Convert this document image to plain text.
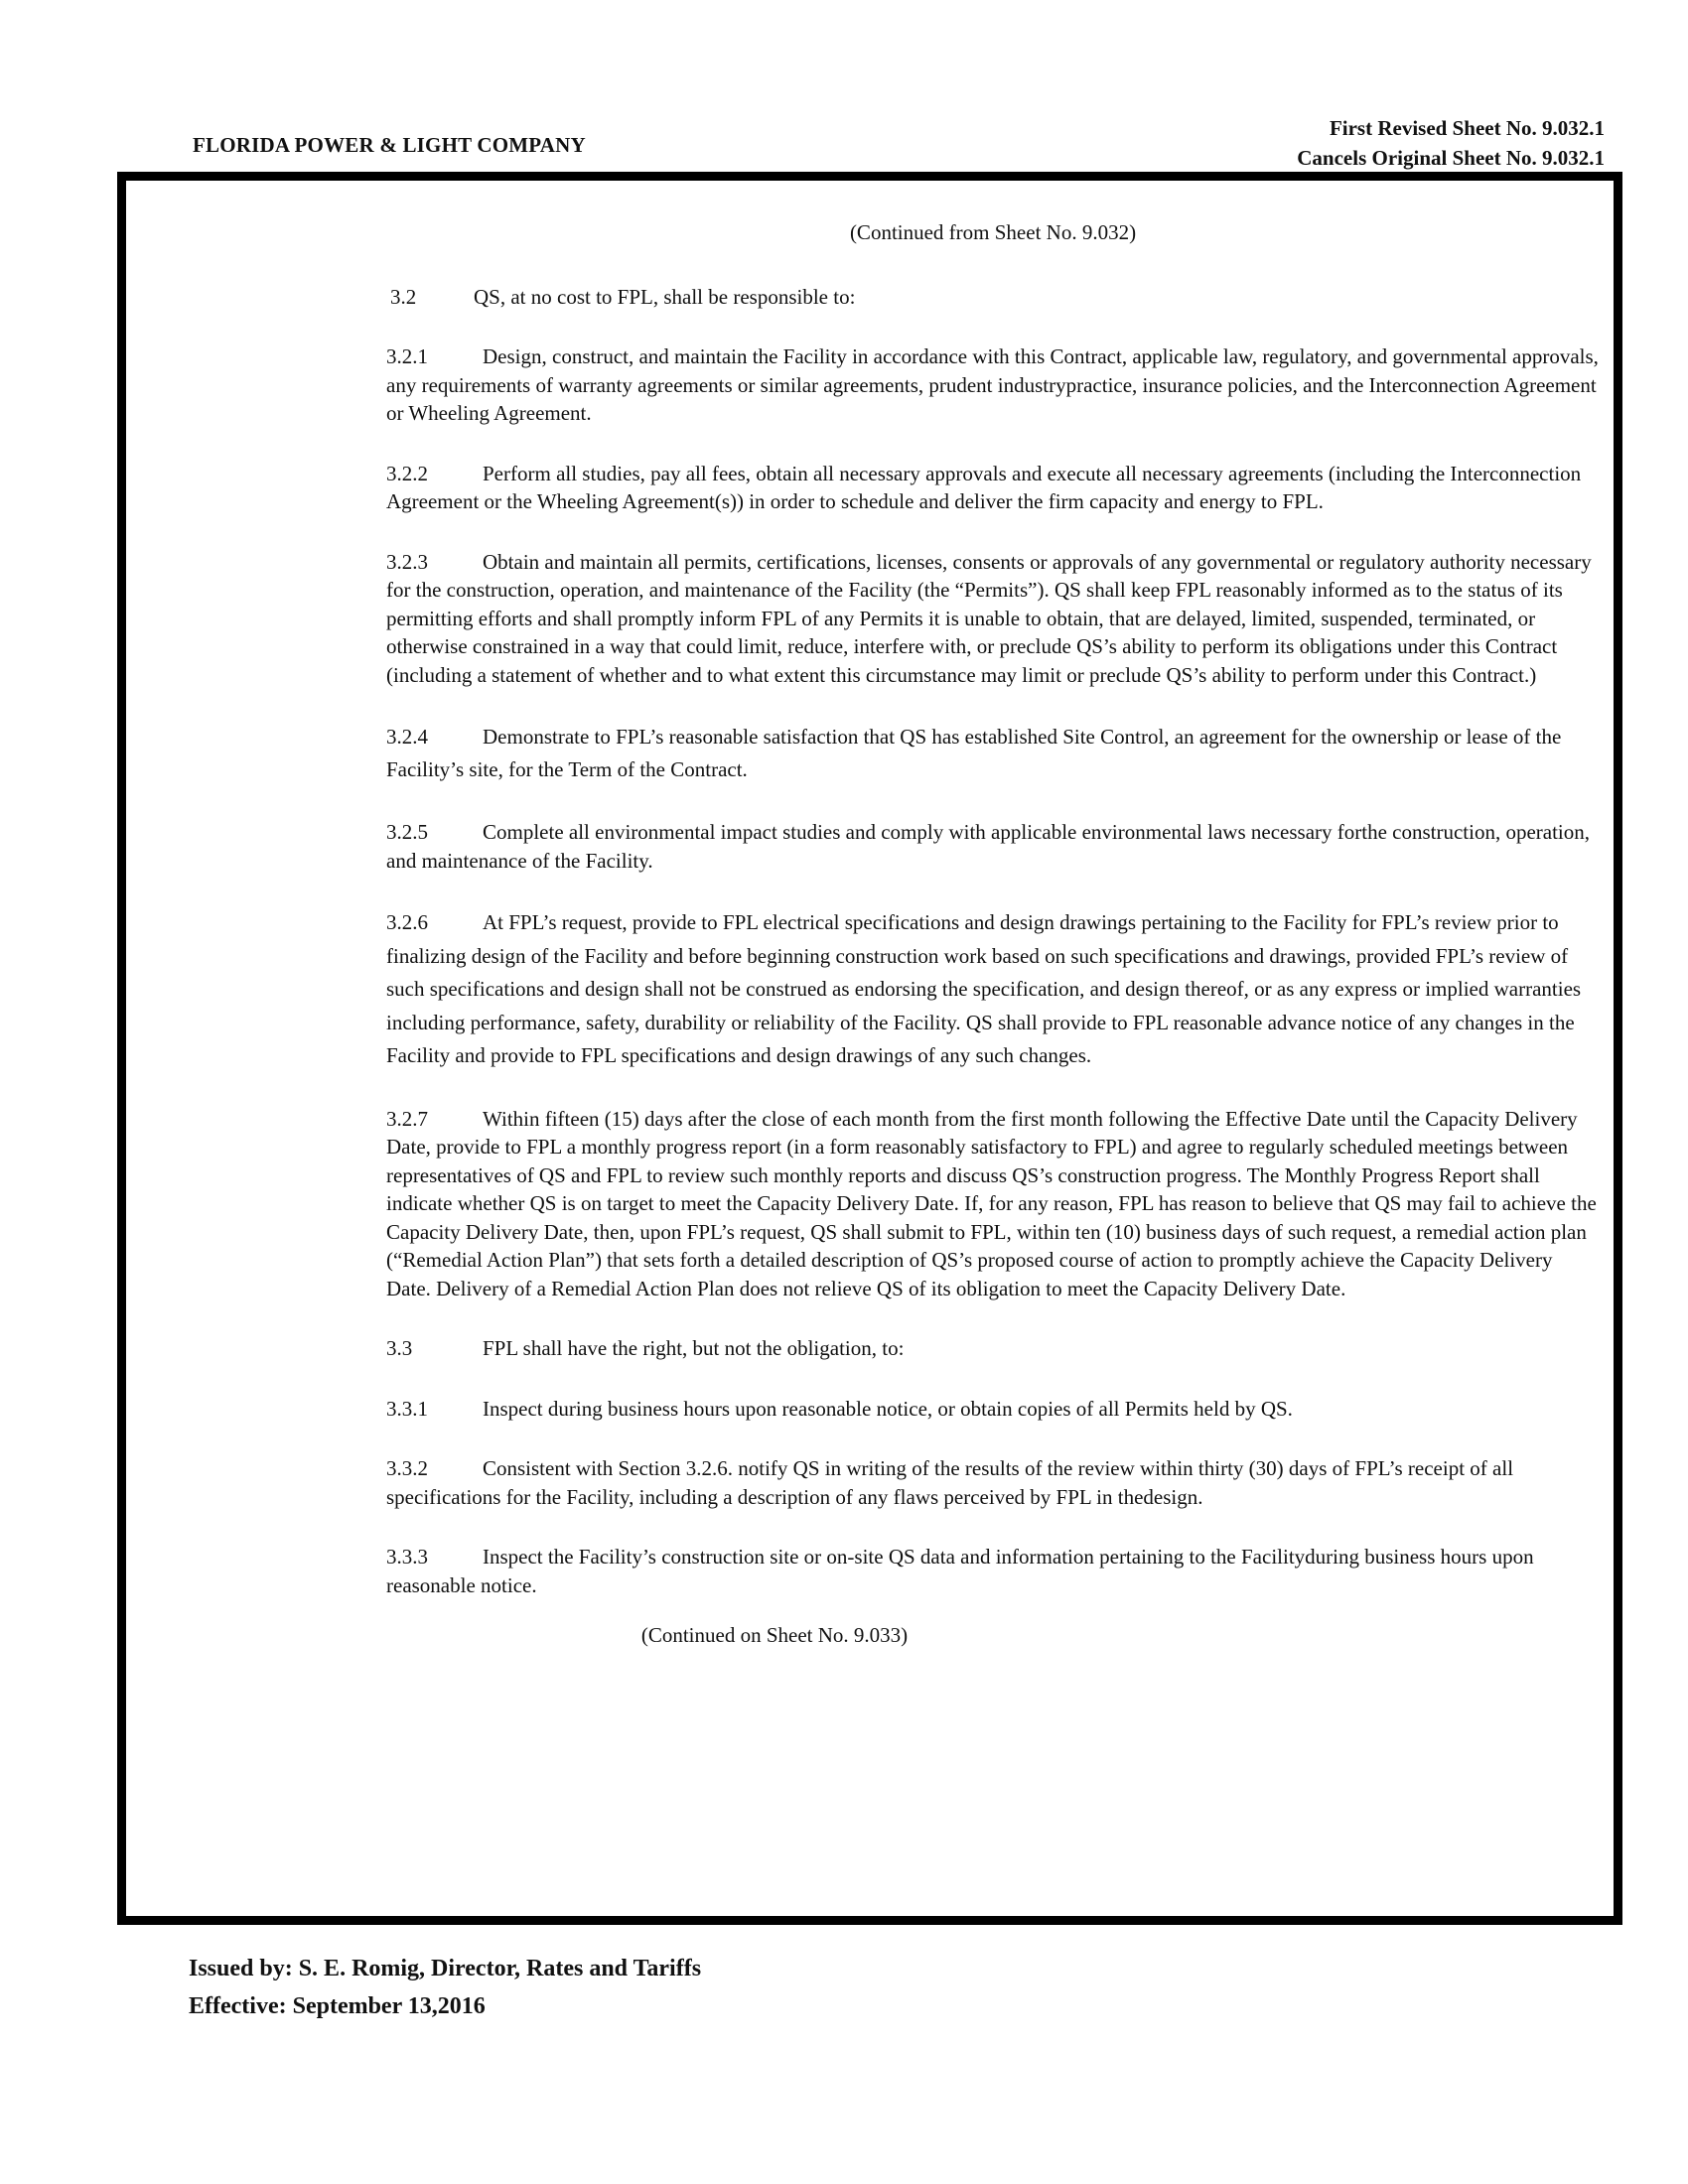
FLORIDA POWER & LIGHT COMPANY
First Revised Sheet No. 9.032.1
Cancels Original Sheet No. 9.032.1
(Continued from Sheet No. 9.032)
3.2	QS, at no cost to FPL, shall be responsible to:
3.2.1	Design, construct, and maintain the Facility in accordance with this Contract, applicable law, regulatory, and governmental approvals, any requirements of warranty agreements or similar agreements, prudent industrypractice, insurance policies, and the Interconnection Agreement or Wheeling Agreement.
3.2.2	Perform all studies, pay all fees, obtain all necessary approvals and execute all necessary agreements (including the Interconnection Agreement or the Wheeling Agreement(s)) in order to schedule and deliver the firm capacity and energy to FPL.
3.2.3	Obtain and maintain all permits, certifications, licenses, consents or approvals of any governmental or regulatory authority necessary for the construction, operation, and maintenance of the Facility (the “Permits”). QS shall keep FPL reasonably informed as to the status of its permitting efforts and shall promptly inform FPL of any Permits it is unable to obtain, that are delayed, limited, suspended, terminated, or otherwise constrained in a way that could limit, reduce, interfere with, or preclude QS’s ability to perform its obligations under this Contract (including a statement of whether and to what extent this circumstance may limit or preclude QS’s ability to perform under this Contract.)
3.2.4	Demonstrate to FPL’s reasonable satisfaction that QS has established Site Control, an agreement for the ownership or lease of the Facility’s site, for the Term of the Contract.
3.2.5	Complete all environmental impact studies and comply with applicable environmental laws necessary forthe construction, operation, and maintenance of the Facility.
3.2.6	At FPL’s request, provide to FPL electrical specifications and design drawings pertaining to the Facility for FPL’s review prior to finalizing design of the Facility and before beginning construction work based on such specifications and drawings, provided FPL’s review of such specifications and design shall not be construed as endorsing the specification, and design thereof, or as any express or implied warranties including performance, safety, durability or reliability of the Facility. QS shall provide to FPL reasonable advance notice of any changes in the Facility and provide to FPL specifications and design drawings of any such changes.
3.2.7	Within fifteen (15) days after the close of each month from the first month following the Effective Date until the Capacity Delivery Date, provide to FPL a monthly progress report (in a form reasonably satisfactory to FPL) and agree to regularly scheduled meetings between representatives of QS and FPL to review such monthly reports and discuss QS’s construction progress. The Monthly Progress Report shall indicate whether QS is on target to meet the Capacity Delivery Date. If, for any reason, FPL has reason to believe that QS may fail to achieve the Capacity Delivery Date, then, upon FPL’s request, QS shall submit to FPL, within ten (10) business days of such request, a remedial action plan (“Remedial Action Plan”) that sets forth a detailed description of QS’s proposed course of action to promptly achieve the Capacity Delivery Date. Delivery of a Remedial Action Plan does not relieve QS of its obligation to meet the Capacity Delivery Date.
3.3	FPL shall have the right, but not the obligation, to:
3.3.1	Inspect during business hours upon reasonable notice, or obtain copies of all Permits held by QS.
3.3.2	Consistent with Section 3.2.6. notify QS in writing of the results of the review within thirty (30) days of FPL’s receipt of all specifications for the Facility, including a description of any flaws perceived by FPL in thedesign.
3.3.3	Inspect the Facility’s construction site or on-site QS data and information pertaining to the Facilityduring business hours upon reasonable notice.
(Continued on Sheet No. 9.033)
Issued by: S. E. Romig, Director, Rates and Tariffs
Effective: September 13,2016
